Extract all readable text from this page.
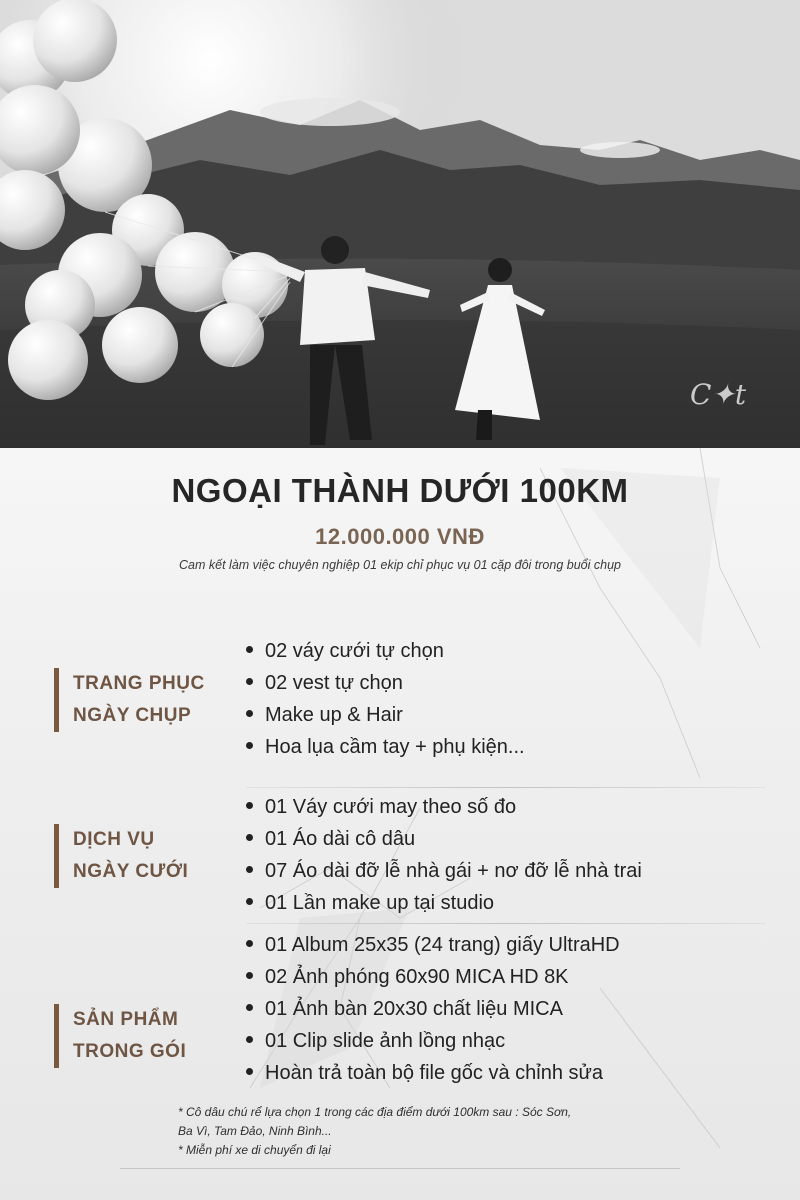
C✦t
NGOẠI THÀNH DƯỚI 100KM
12.000.000 VNĐ
Cam kết làm việc chuyên nghiệp 01 ekip chỉ phục vụ 01 cặp đôi trong buổi chụp
TRANG PHỤC
NGÀY CHỤP
02 váy cưới tự chọn
02 vest tự chọn
Make up & Hair
Hoa lụa cầm tay + phụ kiện...
DỊCH VỤ
NGÀY CƯỚI
01 Váy cưới may theo số đo
01 Áo dài cô dâu
07 Áo dài đỡ lễ nhà gái + nơ đỡ lễ nhà trai
01 Lần make up tại studio
SẢN PHẨM
TRONG GÓI
01 Album 25x35 (24 trang) giấy UltraHD
02 Ảnh phóng 60x90 MICA HD 8K
01 Ảnh bàn 20x30 chất liệu MICA
01 Clip slide ảnh lồng nhạc
Hoàn trả toàn bộ file gốc và chỉnh sửa
* Cô dâu chú rể lựa chọn 1 trong các địa điểm dưới 100km sau : Sóc Sơn,
Ba Vì, Tam Đảo, Ninh Bình...
* Miễn phí xe di chuyển đi lại
